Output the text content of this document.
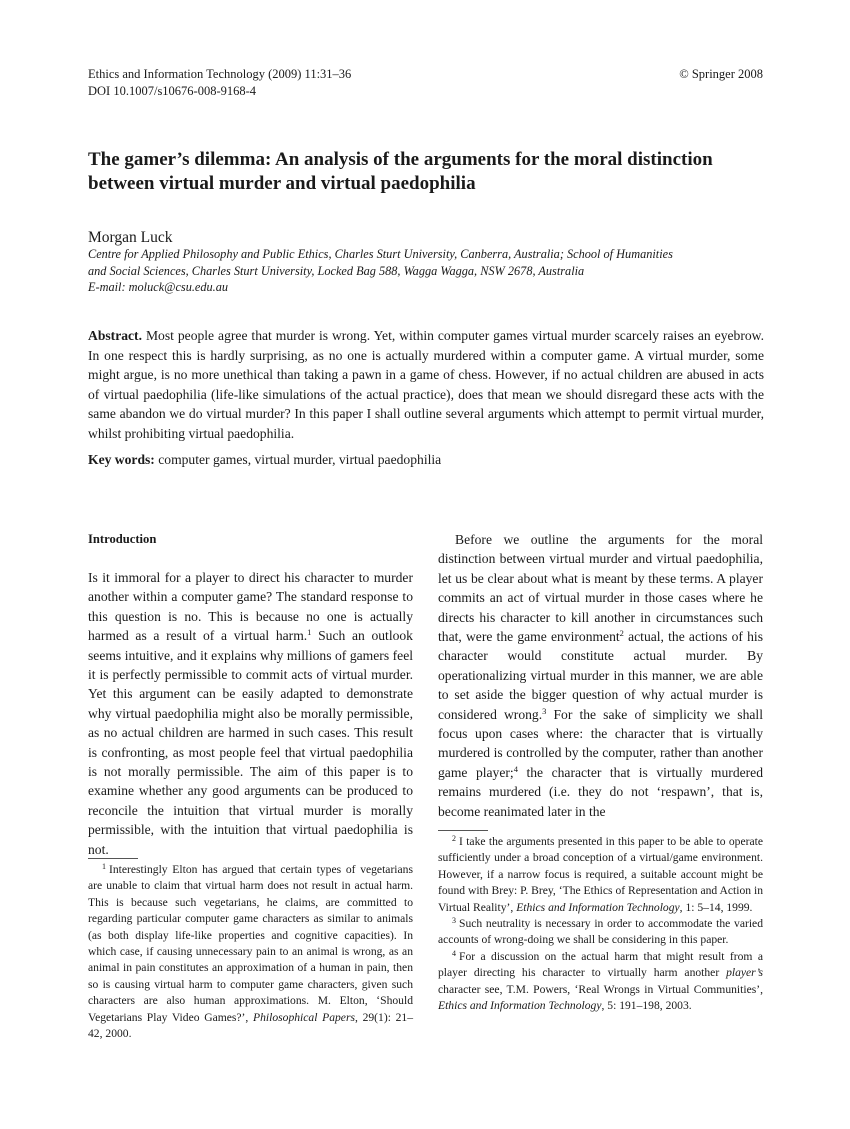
Ethics and Information Technology (2009) 11:31–36
DOI 10.1007/s10676-008-9168-4
© Springer 2008
The gamer’s dilemma: An analysis of the arguments for the moral distinction between virtual murder and virtual paedophilia
Morgan Luck
Centre for Applied Philosophy and Public Ethics, Charles Sturt University, Canberra, Australia; School of Humanities
and Social Sciences, Charles Sturt University, Locked Bag 588, Wagga Wagga, NSW 2678, Australia
E-mail: moluck@csu.edu.au
Abstract. Most people agree that murder is wrong. Yet, within computer games virtual murder scarcely raises an eyebrow. In one respect this is hardly surprising, as no one is actually murdered within a computer game. A virtual murder, some might argue, is no more unethical than taking a pawn in a game of chess. However, if no actual children are abused in acts of virtual paedophilia (life-like simulations of the actual practice), does that mean we should disregard these acts with the same abandon we do virtual murder? In this paper I shall outline several arguments which attempt to permit virtual murder, whilst prohibiting virtual paedophilia.
Key words: computer games, virtual murder, virtual paedophilia
Introduction

Is it immoral for a player to direct his character to murder another within a computer game? The standard response to this question is no. This is because no one is actually harmed as a result of a virtual harm.$^1$ Such an outlook seems intuitive, and it explains why millions of gamers feel it is perfectly permissible to commit acts of virtual murder. Yet this argument can be easily adapted to demonstrate why virtual paedophilia might also be morally permissible, as no actual children are harmed in such cases. This result is confronting, as most people feel that virtual paedophilia is not morally permissible. The aim of this paper is to examine whether any good arguments can be produced to reconcile the intuition that virtual murder is morally permissible, with the intuition that virtual paedophilia is not.

Before we outline the arguments for the moral distinction between virtual murder and virtual paedophilia, let us be clear about what is meant by these terms. A player commits an act of virtual murder in those cases where he directs his character to kill another in circumstances such that, were the game environment$^2$ actual, the actions of his character would constitute actual murder. By operationalizing virtual murder in this manner, we are able to set aside the bigger question of why actual murder is considered wrong.$^3$ For the sake of simplicity we shall focus upon cases where: the character that is virtually murdered is controlled by the computer, rather than another game player;$^4$ the character that is virtually murdered remains murdered (i.e. they do not ‘respawn’, that is, become reanimated later in the

$^1$ Interestingly Elton has argued that certain types of vegetarians are unable to claim that virtual harm does not result in actual harm. This is because such vegetarians, he claims, are committed to regarding particular computer game characters as similar to animals (as both display life-like properties and cognitive capacities). In which case, if causing unnecessary pain to an animal is wrong, as an animal in pain constitutes an approximation of a human in pain, then so is causing virtual harm to computer game characters, given such characters are also human approximations. M. Elton, ‘Should Vegetarians Play Video Games?’, Philosophical Papers, 29(1): 21–42, 2000.

$^2$ I take the arguments presented in this paper to be able to operate sufficiently under a broad conception of a virtual/game environment. However, if a narrow focus is required, a suitable account might be found with Brey: P. Brey, ‘The Ethics of Representation and Action in Virtual Reality’, Ethics and Information Technology, 1: 5–14, 1999.

$^3$ Such neutrality is necessary in order to accommodate the varied accounts of wrong-doing we shall be considering in this paper.

$^4$ For a discussion on the actual harm that might result from a player directing his character to virtually harm another player’s character see, T.M. Powers, ‘Real Wrongs in Virtual Communities’, Ethics and Information Technology, 5: 191–198, 2003.
